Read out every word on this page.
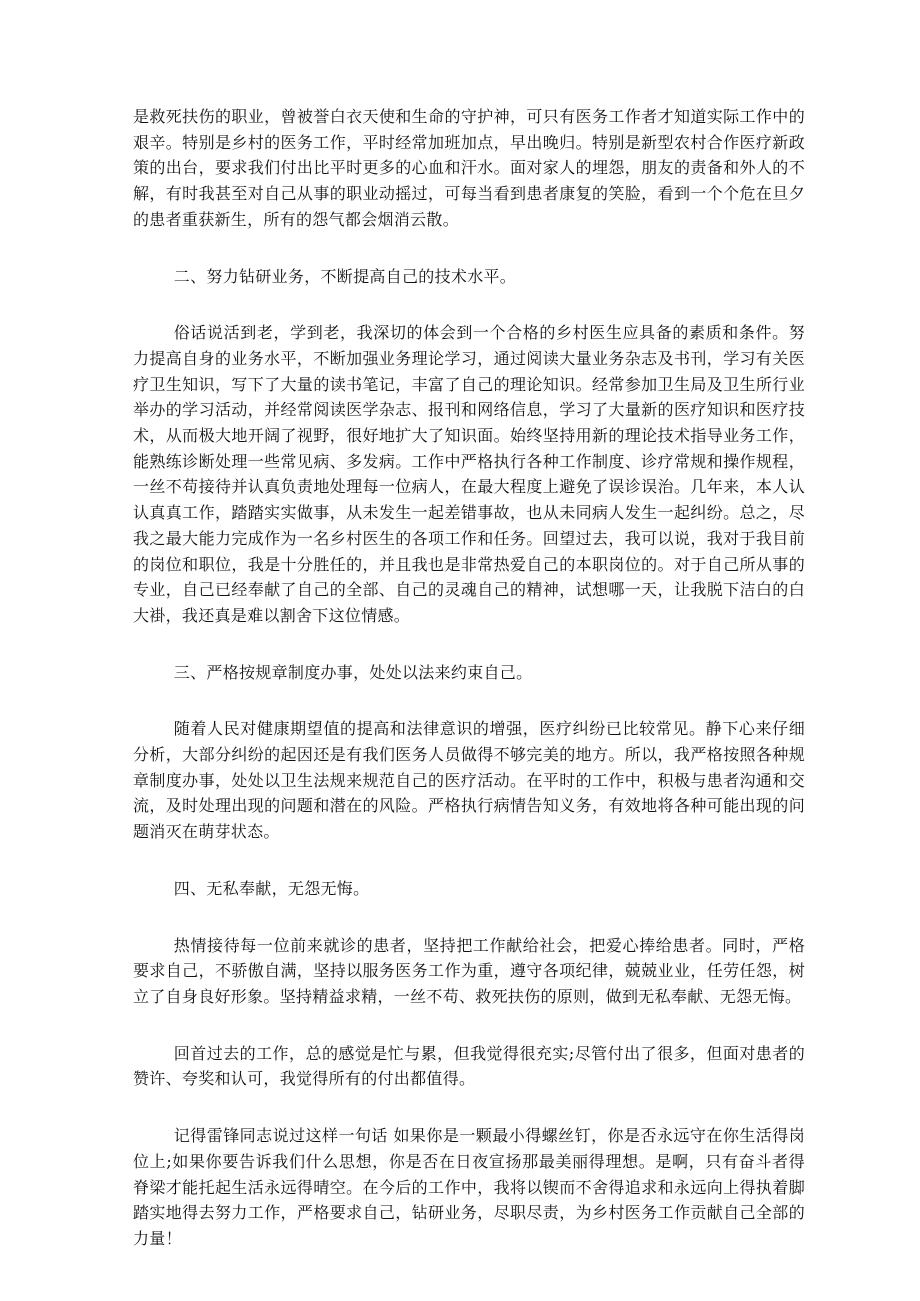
是救死扶伤的职业，曾被誉白衣天使和生命的守护神，可只有医务工作者才知道实际工作中的艰辛。特别是乡村的医务工作，平时经常加班加点，早出晚归。特别是新型农村合作医疗新政策的出台，要求我们付出比平时更多的心血和汗水。面对家人的埋怨，朋友的责备和外人的不解，有时我甚至对自己从事的职业动摇过，可每当看到患者康复的笑脸，看到一个个危在旦夕的患者重获新生，所有的怨气都会烟消云散。

二、努力钻研业务，不断提高自己的技术水平。

俗话说活到老，学到老，我深切的体会到一个合格的乡村医生应具备的素质和条件。努力提高自身的业务水平，不断加强业务理论学习，通过阅读大量业务杂志及书刊，学习有关医疗卫生知识，写下了大量的读书笔记，丰富了自己的理论知识。经常参加卫生局及卫生所行业举办的学习活动，并经常阅读医学杂志、报刊和网络信息，学习了大量新的医疗知识和医疗技术，从而极大地开阔了视野，很好地扩大了知识面。始终坚持用新的理论技术指导业务工作，能熟练诊断处理一些常见病、多发病。工作中严格执行各种工作制度、诊疗常规和操作规程，一丝不苟接待并认真负责地处理每一位病人，在最大程度上避免了误诊误治。几年来，本人认认真真工作，踏踏实实做事，从未发生一起差错事故，也从未同病人发生一起纠纷。总之，尽我之最大能力完成作为一名乡村医生的各项工作和任务。回望过去，我可以说，我对于我目前的岗位和职位，我是十分胜任的，并且我也是非常热爱自己的本职岗位的。对于自己所从事的专业，自己已经奉献了自己的全部、自己的灵魂自己的精神，试想哪一天，让我脱下洁白的白大褂，我还真是难以割舍下这位情感。

三、严格按规章制度办事，处处以法来约束自己。

随着人民对健康期望值的提高和法律意识的增强，医疗纠纷已比较常见。静下心来仔细分析，大部分纠纷的起因还是有我们医务人员做得不够完美的地方。所以，我严格按照各种规章制度办事，处处以卫生法规来规范自己的医疗活动。在平时的工作中，积极与患者沟通和交流，及时处理出现的问题和潜在的风险。严格执行病情告知义务，有效地将各种可能出现的问题消灭在萌芽状态。

四、无私奉献，无怨无悔。

热情接待每一位前来就诊的患者，坚持把工作献给社会，把爱心捧给患者。同时，严格要求自己，不骄傲自满，坚持以服务医务工作为重，遵守各项纪律，兢兢业业，任劳任怨，树立了自身良好形象。坚持精益求精，一丝不苟、救死扶伤的原则，做到无私奉献、无怨无悔。

回首过去的工作，总的感觉是忙与累，但我觉得很充实;尽管付出了很多，但面对患者的赞许、夸奖和认可，我觉得所有的付出都值得。

记得雷锋同志说过这样一句话 如果你是一颗最小得螺丝钉，你是否永远守在你生活得岗位上;如果你要告诉我们什么思想，你是否在日夜宣扬那最美丽得理想。是啊，只有奋斗者得脊梁才能托起生活永远得晴空。在今后的工作中，我将以锲而不舍得追求和永远向上得执着脚踏实地得去努力工作，严格要求自己，钻研业务，尽职尽责，为乡村医务工作贡献自己全部的力量！
